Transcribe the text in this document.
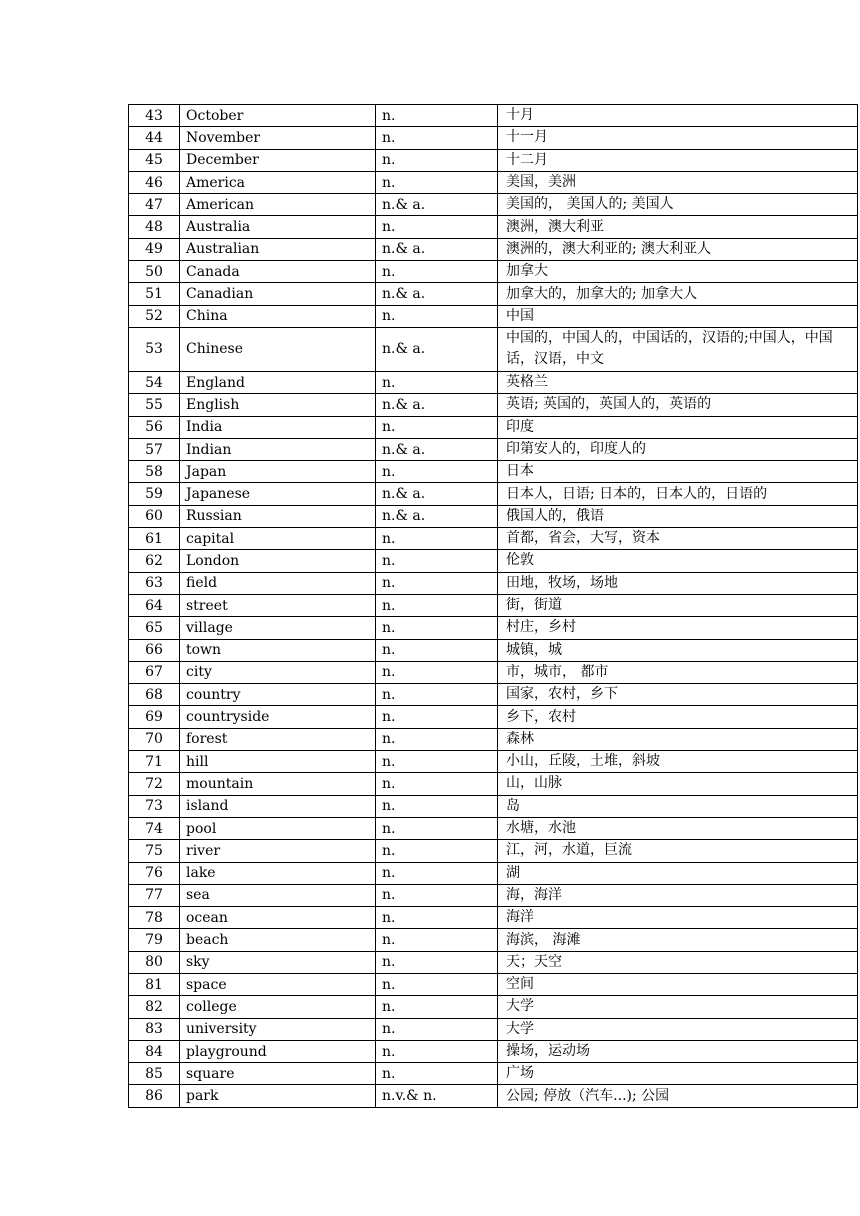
43	October	n.	十月
44	November	n.	十一月
45	December	n.	十二月
46	America	n.	美国，美洲
47	American	n.& a.	美国的， 美国人的; 美国人
48	Australia	n.	澳洲，澳大利亚
49	Australian	n.& a.	澳洲的，澳大利亚的; 澳大利亚人
50	Canada	n.	加拿大
51	Canadian	n.& a.	加拿大的，加拿大的; 加拿大人
52	China	n.	中国
53	Chinese	n.& a.	中国的，中国人的，中国话的，汉语的;中国人，中国话，汉语，中文
54	England	n.	英格兰
55	English	n.& a.	英语; 英国的，英国人的，英语的
56	India	n.	印度
57	Indian	n.& a.	印第安人的，印度人的
58	Japan	n.	日本
59	Japanese	n.& a.	日本人，日语; 日本的，日本人的，日语的
60	Russian	n.& a.	俄国人的，俄语
61	capital	n.	首都，省会，大写，资本
62	London	n.	伦敦
63	field	n.	田地，牧场，场地
64	street	n.	街，街道
65	village	n.	村庄，乡村
66	town	n.	城镇，城
67	city	n.	市，城市， 都市
68	country	n.	国家，农村，乡下
69	countryside	n.	乡下，农村
70	forest	n.	森林
71	hill	n.	小山，丘陵，土堆，斜坡
72	mountain	n.	山，山脉
73	island	n.	岛
74	pool	n.	水塘，水池
75	river	n.	江，河，水道，巨流
76	lake	n.	湖
77	sea	n.	海，海洋
78	ocean	n.	海洋
79	beach	n.	海滨， 海滩
80	sky	n.	天；天空
81	space	n.	空间
82	college	n.	大学
83	university	n.	大学
84	playground	n.	操场，运动场
85	square	n.	广场
86	park	n.v.& n.	公园; 停放（汽车...); 公园
